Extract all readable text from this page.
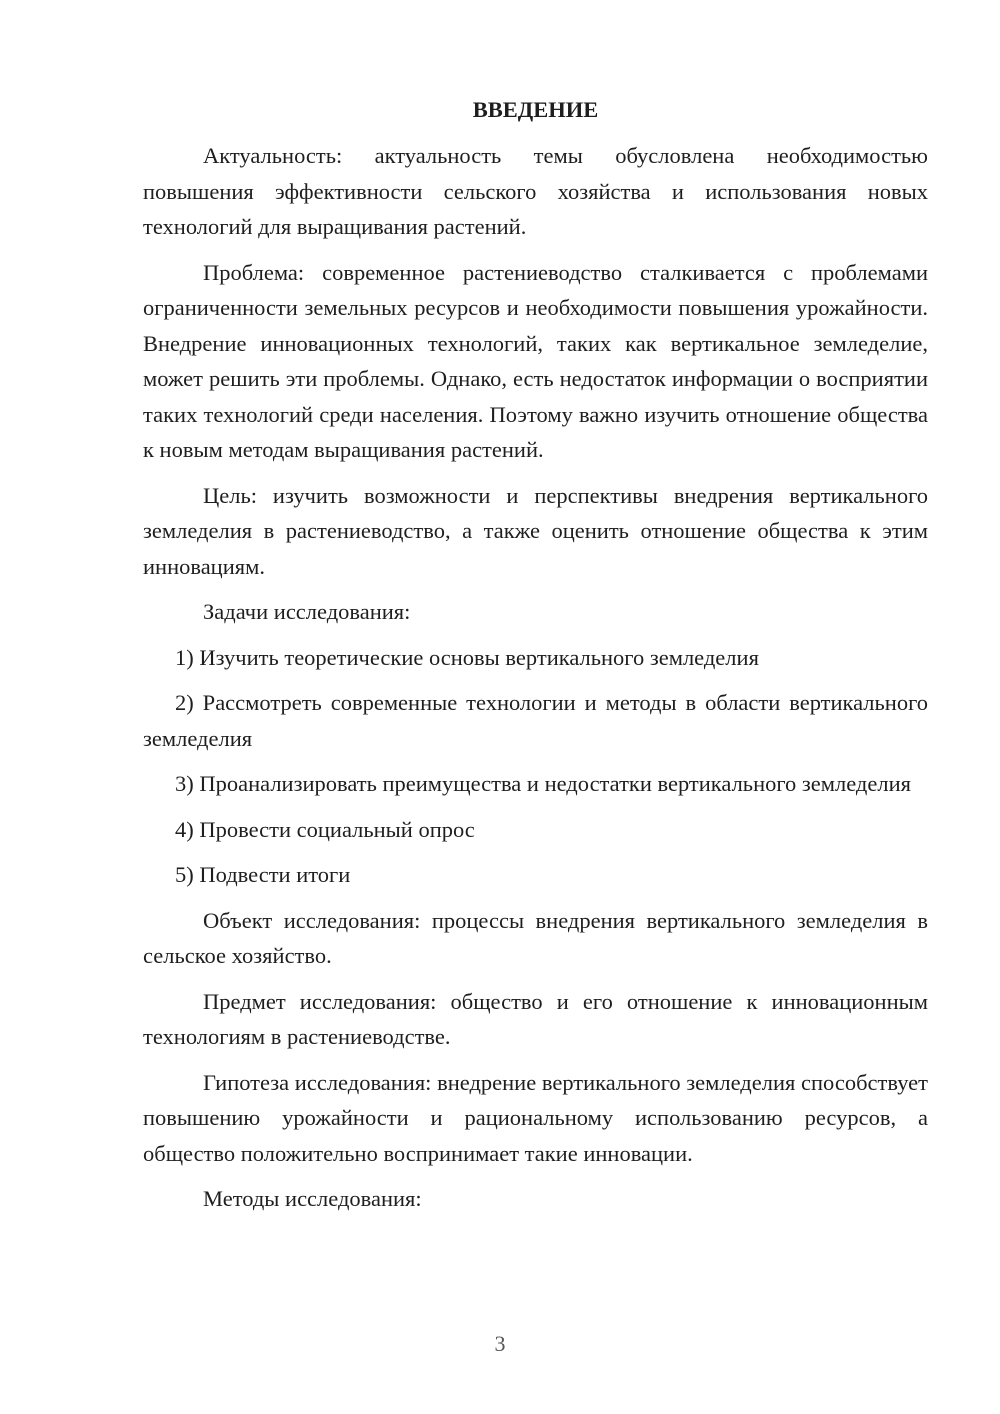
ВВЕДЕНИЕ

Актуальность: актуальность темы обусловлена необходимостью повышения эффективности сельского хозяйства и использования новых технологий для выращивания растений.

Проблема: современное растениеводство сталкивается с проблемами ограниченности земельных ресурсов и необходимости повышения урожайности. Внедрение инновационных технологий, таких как вертикальное земледелие, может решить эти проблемы. Однако, есть недостаток информации о восприятии таких технологий среди населения. Поэтому важно изучить отношение общества к новым методам выращивания растений.

Цель: изучить возможности и перспективы внедрения вертикального земледелия в растениеводство, а также оценить отношение общества к этим инновациям.

Задачи исследования:

1) Изучить теоретические основы вертикального земледелия

2) Рассмотреть современные технологии и методы в области вертикального земледелия

3) Проанализировать преимущества и недостатки вертикального земледелия

4) Провести социальный опрос

5) Подвести итоги

Объект исследования: процессы внедрения вертикального земледелия в сельское хозяйство.

Предмет исследования: общество и его отношение к инновационным технологиям в растениеводстве.

Гипотеза исследования: внедрение вертикального земледелия способствует повышению урожайности и рациональному использованию ресурсов, а общество положительно воспринимает такие инновации.

Методы исследования:

3
